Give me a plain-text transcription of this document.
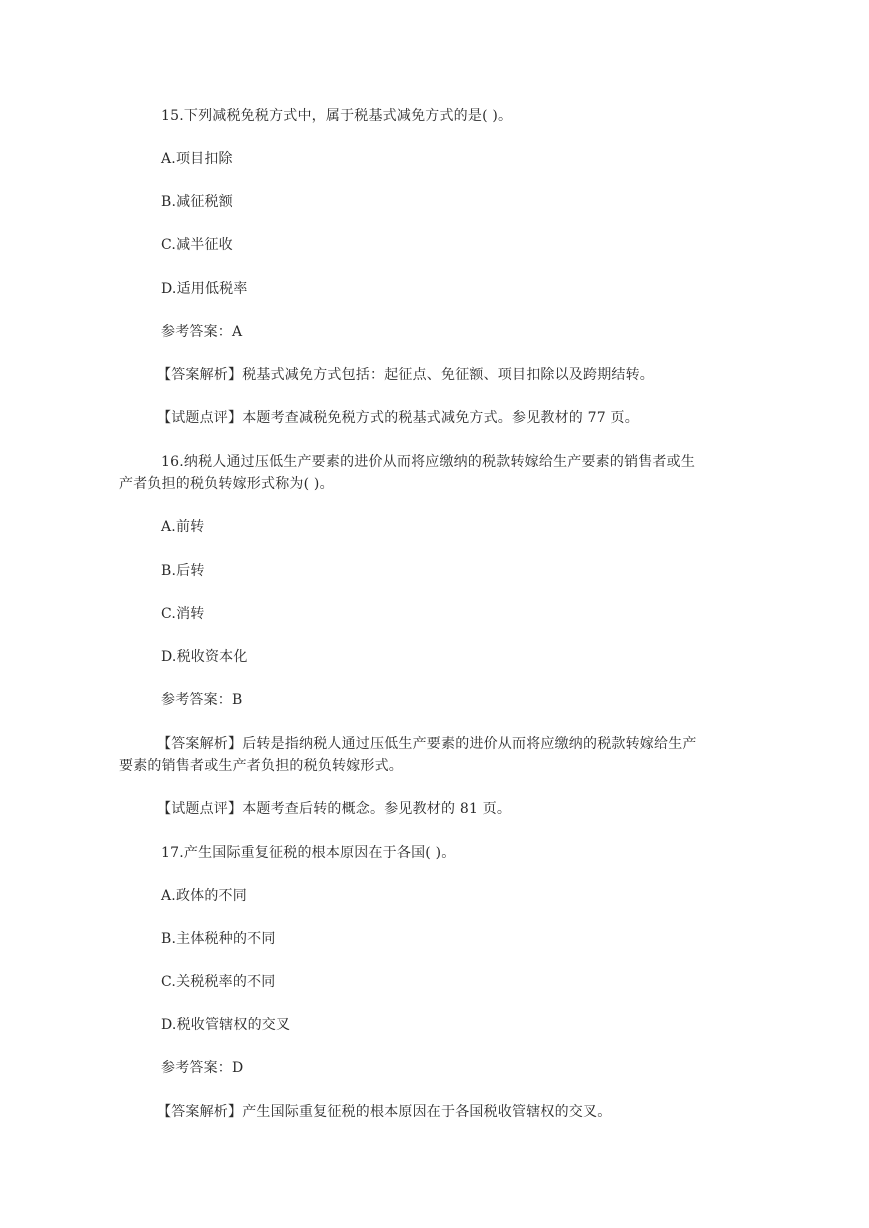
15.下列减税免税方式中，属于税基式减免方式的是( )。
A.项目扣除
B.减征税额
C.减半征收
D.适用低税率
参考答案：A
【答案解析】税基式减免方式包括：起征点、免征额、项目扣除以及跨期结转。
【试题点评】本题考查减税免税方式的税基式减免方式。参见教材的 77 页。
16.纳税人通过压低生产要素的进价从而将应缴纳的税款转嫁给生产要素的销售者或生
产者负担的税负转嫁形式称为( )。
A.前转
B.后转
C.消转
D.税收资本化
参考答案：B
【答案解析】后转是指纳税人通过压低生产要素的进价从而将应缴纳的税款转嫁给生产
要素的销售者或生产者负担的税负转嫁形式。
【试题点评】本题考查后转的概念。参见教材的 81 页。
17.产生国际重复征税的根本原因在于各国( )。
A.政体的不同
B.主体税种的不同
C.关税税率的不同
D.税收管辖权的交叉
参考答案：D
【答案解析】产生国际重复征税的根本原因在于各国税收管辖权的交叉。
